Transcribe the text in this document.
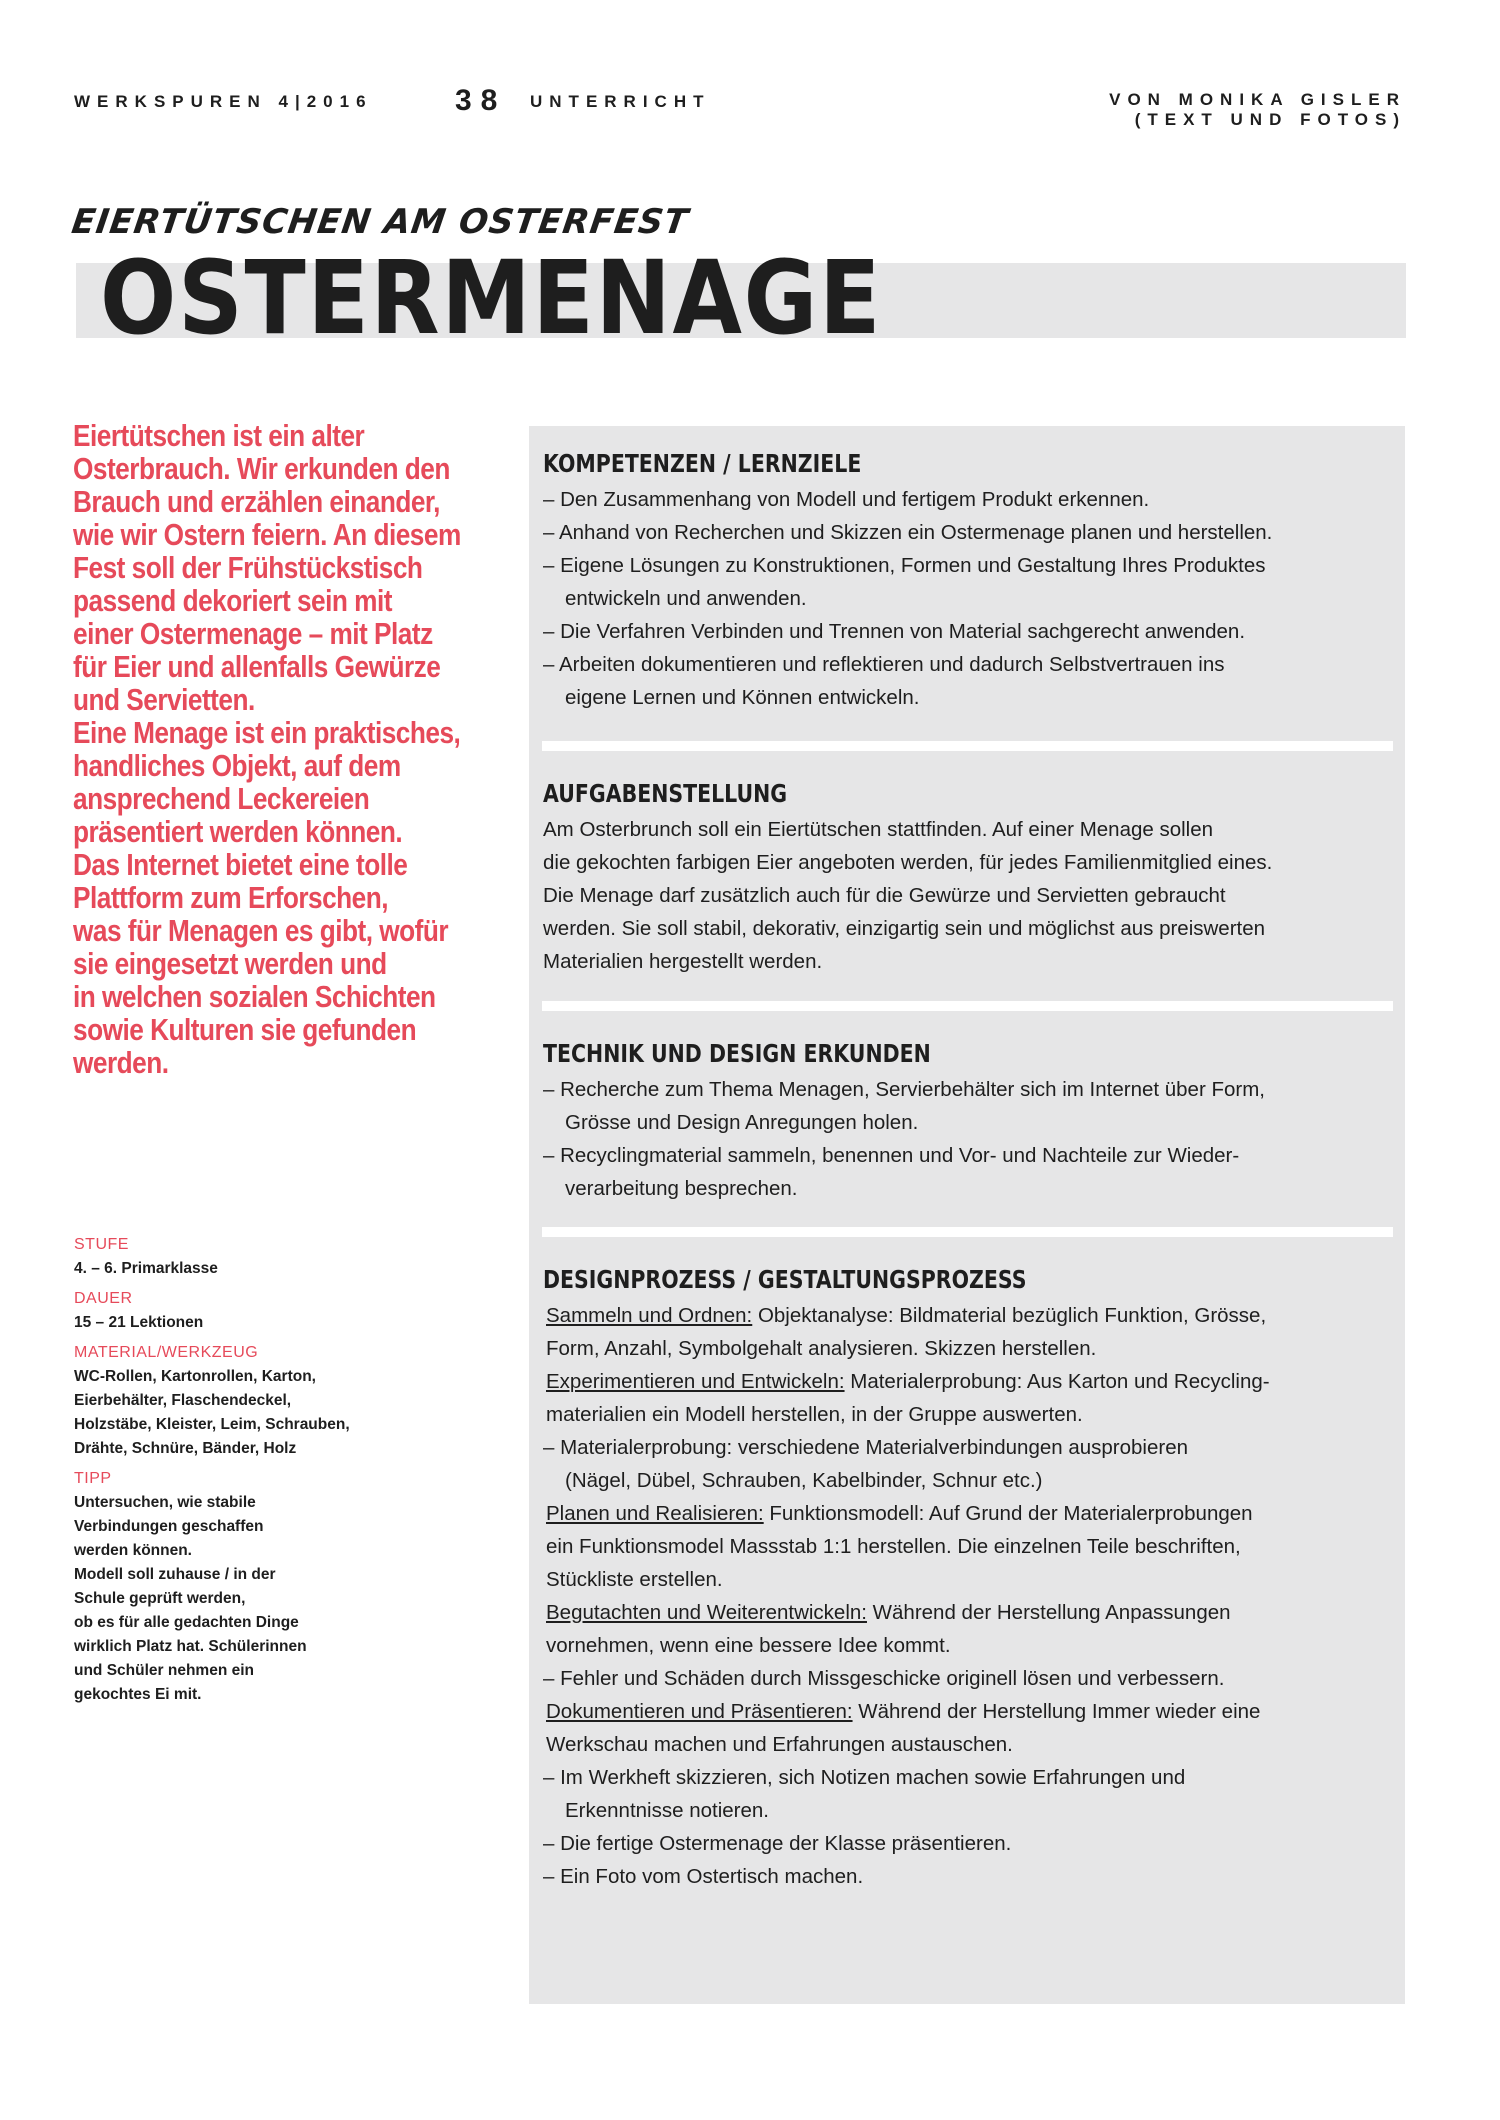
WERKSPUREN 4|2016	38 UNTERRICHT	VON MONIKA GISLER
(TEXT UND FOTOS)
EIERTÜTSCHEN AM OSTERFEST
OSTERMENAGE

Eiertütschen ist ein alter

Osterbrauch. Wir erkunden den

Brauch und erzählen einander,

wie wir Ostern feiern. An diesem

Fest soll der Frühstückstisch

passend dekoriert sein mit

einer Ostermenage – mit Platz

für Eier und allenfalls Gewürze

und Servietten.

Eine Menage ist ein praktisches,

handliches Objekt, auf dem

ansprechend Leckereien

präsentiert werden können.

Das Internet bietet eine tolle

Plattform zum Erforschen,

was für Menagen es gibt, wofür

sie eingesetzt werden und

in welchen sozialen Schichten

sowie Kulturen sie gefunden

werden.

STUFE
4. – 6. Primarklasse
DAUER
15 – 21 Lektionen
MATERIAL/WERKZEUG
WC-Rollen, Kartonrollen, Karton,
Eierbehälter, Flaschendeckel,
Holzstäbe, Kleister, Leim, Schrauben,
Drähte, Schnüre, Bänder, Holz
TIPP
Untersuchen, wie stabile
Verbindungen geschaffen
werden können.
Modell soll zuhause / in der
Schule geprüft werden,
ob es für alle gedachten Dinge
wirklich Platz hat. Schülerinnen
und Schüler nehmen ein
gekochtes Ei mit.
KOMPETENZEN / LERNZIELE
– Den Zusammenhang von Modell und fertigem Produkt erkennen.
– Anhand von Recherchen und Skizzen ein Ostermenage planen und herstellen.
– Eigene Lösungen zu Konstruktionen, Formen und Gestaltung Ihres Produktes
entwickeln und anwenden.
– Die Verfahren Verbinden und Trennen von Material sachgerecht anwenden.
– Arbeiten dokumentieren und reflektieren und dadurch Selbstvertrauen ins
eigene Lernen und Können entwickeln.
AUFGABENSTELLUNG
Am Osterbrunch soll ein Eiertütschen stattfinden. Auf einer Menage sollen
die gekochten farbigen Eier angeboten werden, für jedes Familienmitglied eines.
Die Menage darf zusätzlich auch für die Gewürze und Servietten gebraucht
werden. Sie soll stabil, dekorativ, einzigartig sein und möglichst aus preiswerten
Materialien hergestellt werden.
TECHNIK UND DESIGN ERKUNDEN
– Recherche zum Thema Menagen, Servierbehälter sich im Internet über Form,
Grösse und Design Anregungen holen.
– Recyclingmaterial sammeln, benennen und Vor- und Nachteile zur Wieder-
verarbeitung besprechen.
DESIGNPROZESS / GESTALTUNGSPROZESS
Sammeln und Ordnen: Objektanalyse: Bildmaterial bezüglich Funktion, Grösse,
Form, Anzahl, Symbolgehalt analysieren. Skizzen herstellen.
Experimentieren und Entwickeln: Materialerprobung: Aus Karton und Recycling-
materialien ein Modell herstellen, in der Gruppe auswerten.
– Materialerprobung: verschiedene Materialverbindungen ausprobieren
(Nägel, Dübel, Schrauben, Kabelbinder, Schnur etc.)
Planen und Realisieren: Funktionsmodell: Auf Grund der Materialerprobungen
ein Funktionsmodel Massstab 1:1 herstellen. Die einzelnen Teile beschriften,
Stückliste erstellen.
Begutachten und Weiterentwickeln: Während der Herstellung Anpassungen
vornehmen, wenn eine bessere Idee kommt.
– Fehler und Schäden durch Missgeschicke originell lösen und verbessern.
Dokumentieren und Präsentieren: Während der Herstellung Immer wieder eine
Werkschau machen und Erfahrungen austauschen.
– Im Werkheft skizzieren, sich Notizen machen sowie Erfahrungen und
Erkenntnisse notieren.
– Die fertige Ostermenage der Klasse präsentieren.
– Ein Foto vom Ostertisch machen.
